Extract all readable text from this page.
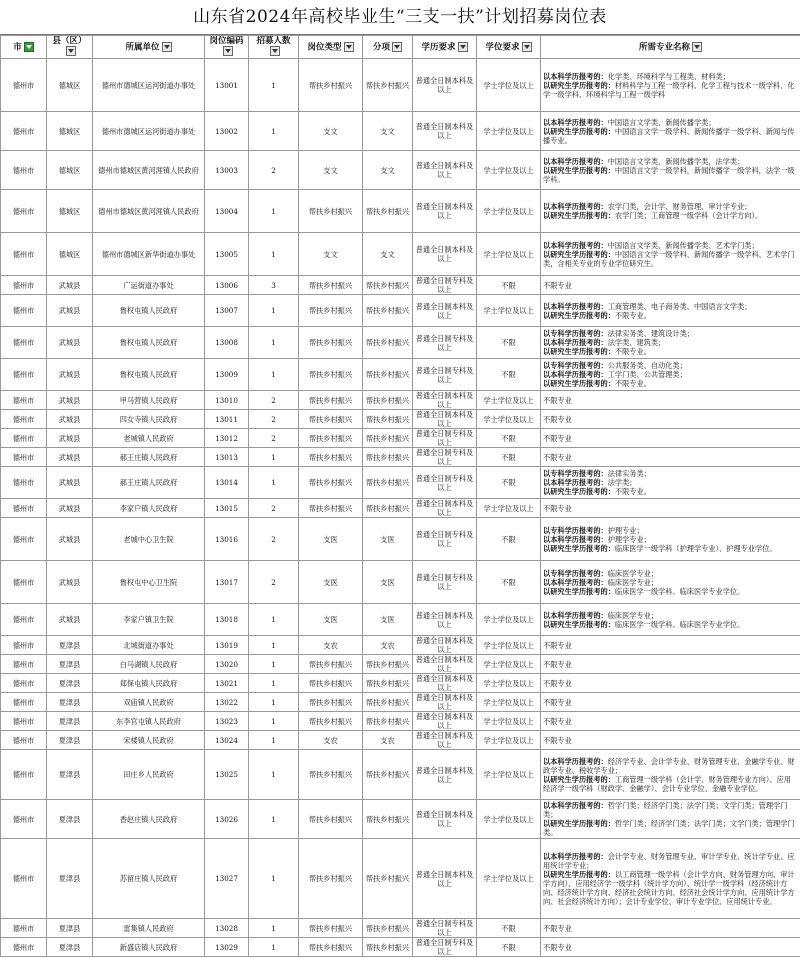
山东省2024年高校毕业生“三支一扶”计划招募岗位表
市	县（区）	所属单位	岗位编码	招募人数	岗位类型	分项	学历要求	学位要求	所需专业名称
德州市	德城区	德州市德城区运河街道办事处	13001	1	帮扶乡村振兴	帮扶乡村振兴	普通全日制本科及以上	学士学位及以上	以本科学历报考的：化学类、环境科学与工程类、材料类；
以研究生学历报考的：材料科学与工程一级学科、化学工程与技术一级学科、化学一级学科、环境科学与工程一级学科

德州市	德城区	德州市德城区运河街道办事处	13002	1	支文	支文	普通全日制本科及以上	学士学位及以上	以本科学历报考的：中国语言文学类、新闻传播学类；
以研究生学历报考的：中国语言文学一级学科、新闻传播学一级学科、新闻与传播专业。

德州市	德城区	德州市德城区黄河涯镇人民政府	13003	2	支文	支文	普通全日制本科及以上	学士学位及以上	以本科学历报考的：中国语言文学类，新闻传播学类，法学类；
以研究生学历报考的：中国语言文学一级学科，新闻传播学一级学科，法学一级学科。

德州市	德城区	德州市德城区黄河涯镇人民政府	13004	1	帮扶乡村振兴	帮扶乡村振兴	普通全日制本科及以上	学士学位及以上	以本科学历报考的：农学门类，会计学、财务管理、审计学专业；
以研究生学历报考的：农学门类；工商管理一级学科（会计学方向）。

德州市	德城区	德州市德城区新华街道办事处	13005	1	支文	支文	普通全日制本科及以上	学士学位及以上	以本科学历报考的：中国语言文学类、新闻传播学类、艺术学门类；
以研究生学历报考的：中国语言文学一级学科、新闻传播学一级学科、艺术学门类，含相关专业的专业学位研究生。

德州市	武城县	广运街道办事处	13006	3	帮扶乡村振兴	帮扶乡村振兴	普通全日制专科及以上	不限	不限专业

德州市	武城县	鲁权屯镇人民政府	13007	1	帮扶乡村振兴	帮扶乡村振兴	普通全日制本科及以上	学士学位及以上	以本科学历报考的：工商管理类、电子商务类、中国语言文学类；
以研究生学历报考的：不限专业。

德州市	武城县	鲁权屯镇人民政府	13008	1	帮扶乡村振兴	帮扶乡村振兴	普通全日制专科及以上	不限	以专科学历报考的：法律实务类、建筑设计类；
以本科学历报考的：法学类、建筑类；
以研究生学历报考的：不限专业。

德州市	武城县	鲁权屯镇人民政府	13009	1	帮扶乡村振兴	帮扶乡村振兴	普通全日制专科及以上	不限	以专科学历报考的：公共服务类、自动化类；
以本科学历报考的：工学门类、公共管理类；
以研究生学历报考的：不限专业。

德州市	武城县	甲马营镇人民政府	13010	2	帮扶乡村振兴	帮扶乡村振兴	普通全日制本科及以上	学士学位及以上	不限专业

德州市	武城县	四女寺镇人民政府	13011	2	帮扶乡村振兴	帮扶乡村振兴	普通全日制本科及以上	学士学位及以上	不限专业

德州市	武城县	老城镇人民政府	13012	2	帮扶乡村振兴	帮扶乡村振兴	普通全日制专科及以上	不限	不限专业

德州市	武城县	郝王庄镇人民政府	13013	1	帮扶乡村振兴	帮扶乡村振兴	普通全日制专科及以上	不限	不限专业

德州市	武城县	郝王庄镇人民政府	13014	1	帮扶乡村振兴	帮扶乡村振兴	普通全日制专科及以上	不限	以专科学历报考的：法律实务类；
以本科学历报考的：法学类；
以研究生学历报考的：不限专业。

德州市	武城县	李家户镇人民政府	13015	2	帮扶乡村振兴	帮扶乡村振兴	普通全日制本科及以上	学士学位及以上	不限专业

德州市	武城县	老城中心卫生院	13016	2	支医	支医	普通全日制专科及以上	不限	以专科学历报考的：护理专业；
以本科学历报考的：护理学专业；
以研究生学历报考的：临床医学一级学科（护理学专业）、护理专业学位。

德州市	武城县	鲁权屯中心卫生院	13017	2	支医	支医	普通全日制专科及以上	不限	以专科学历报考的：临床医学专业；
以本科学历报考的：临床医学专业；
以研究生学历报考的：临床医学一级学科、临床医学专业学位。

德州市	武城县	李家户镇卫生院	13018	1	支医	支医	普通全日制本科及以上	学士学位及以上	以本科学历报考的：临床医学专业；
以研究生学历报考的：临床医学一级学科、临床医学专业学位。

德州市	夏津县	北城街道办事处	13019	1	支农	支农	普通全日制本科及以上	学士学位及以上	不限专业

德州市	夏津县	白马湖镇人民政府	13020	1	帮扶乡村振兴	帮扶乡村振兴	普通全日制本科及以上	学士学位及以上	不限专业

德州市	夏津县	郑保屯镇人民政府	13021	1	帮扶乡村振兴	帮扶乡村振兴	普通全日制本科及以上	学士学位及以上	不限专业

德州市	夏津县	双庙镇人民政府	13022	1	帮扶乡村振兴	帮扶乡村振兴	普通全日制本科及以上	学士学位及以上	不限专业

德州市	夏津县	东李官屯镇人民政府	13023	1	帮扶乡村振兴	帮扶乡村振兴	普通全日制本科及以上	学士学位及以上	不限专业

德州市	夏津县	宋楼镇人民政府	13024	1	支农	支农	普通全日制本科及以上	学士学位及以上	不限专业

德州市	夏津县	田庄乡人民政府	13025	1	帮扶乡村振兴	帮扶乡村振兴	普通全日制本科及以上	学士学位及以上	以本科学历报考的：经济学专业、会计学专业、财务管理专业、金融学专业、财政学专业、税收学专业；
以研究生学历报考的：工商管理一级学科（会计学、财务管理专业方向）、应用经济学一级学科（财政学、金融学）、会计专业学位、金融专业学位。

德州市	夏津县	香赵庄镇人民政府	13026	1	帮扶乡村振兴	帮扶乡村振兴	普通全日制本科及以上	学士学位及以上	以本科学历报考的：哲学门类；经济学门类；法学门类；文学门类；管理学门类；
以研究生学历报考的：哲学门类；经济学门类；法学门类；文学门类；管理学门类。

德州市	夏津县	苏留庄镇人民政府	13027	1	帮扶乡村振兴	帮扶乡村振兴	普通全日制本科及以上	学士学位及以上	以本科学历报考的：会计学专业、财务管理专业、审计学专业、统计学专业、应用统计学专业；
以研究生学历报考的：以工商管理一级学科（会计学方向、财务管理方向、审计学方向）、应用经济学一级学科（统计学方向）、统计学一级学科（经济统计方向、经济统计学方向、经济社会统计方向、经济社会统计学方向、应用统计学方向、社会经济统计方向）；会计专业学位、审计专业学位、应用统计专业。

德州市	夏津县	雷集镇人民政府	13028	1	帮扶乡村振兴	帮扶乡村振兴	普通全日制专科及以上	不限	不限专业

德州市	夏津县	新盛店镇人民政府	13029	1	帮扶乡村振兴	帮扶乡村振兴	普通全日制专科及以上	不限	不限专业
